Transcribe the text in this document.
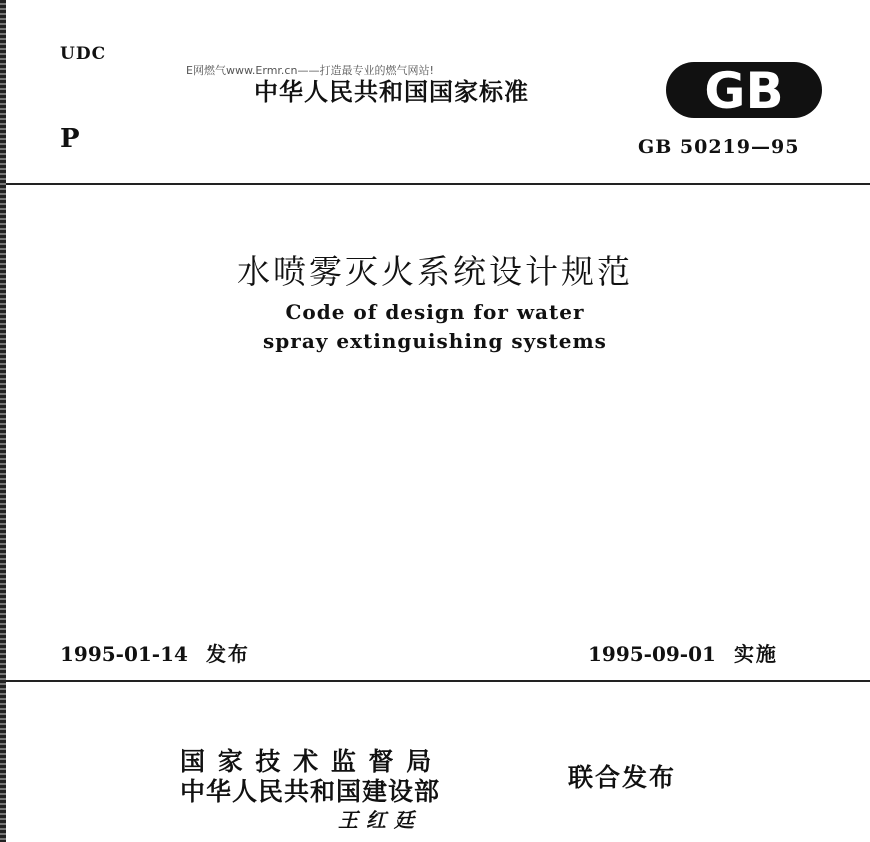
UDC
P
E网燃气www.Ermr.cn——打造最专业的燃气网站!
中华人民共和国国家标准	GB
GB 50219—95
水喷雾灭火系统设计规范
Code of design for water
spray extinguishing systems
1995-01-14 发布	1995-09-01 实施
国 家 技 术 监 督 局
中华人民共和国建设部	联合发布
王红廷
